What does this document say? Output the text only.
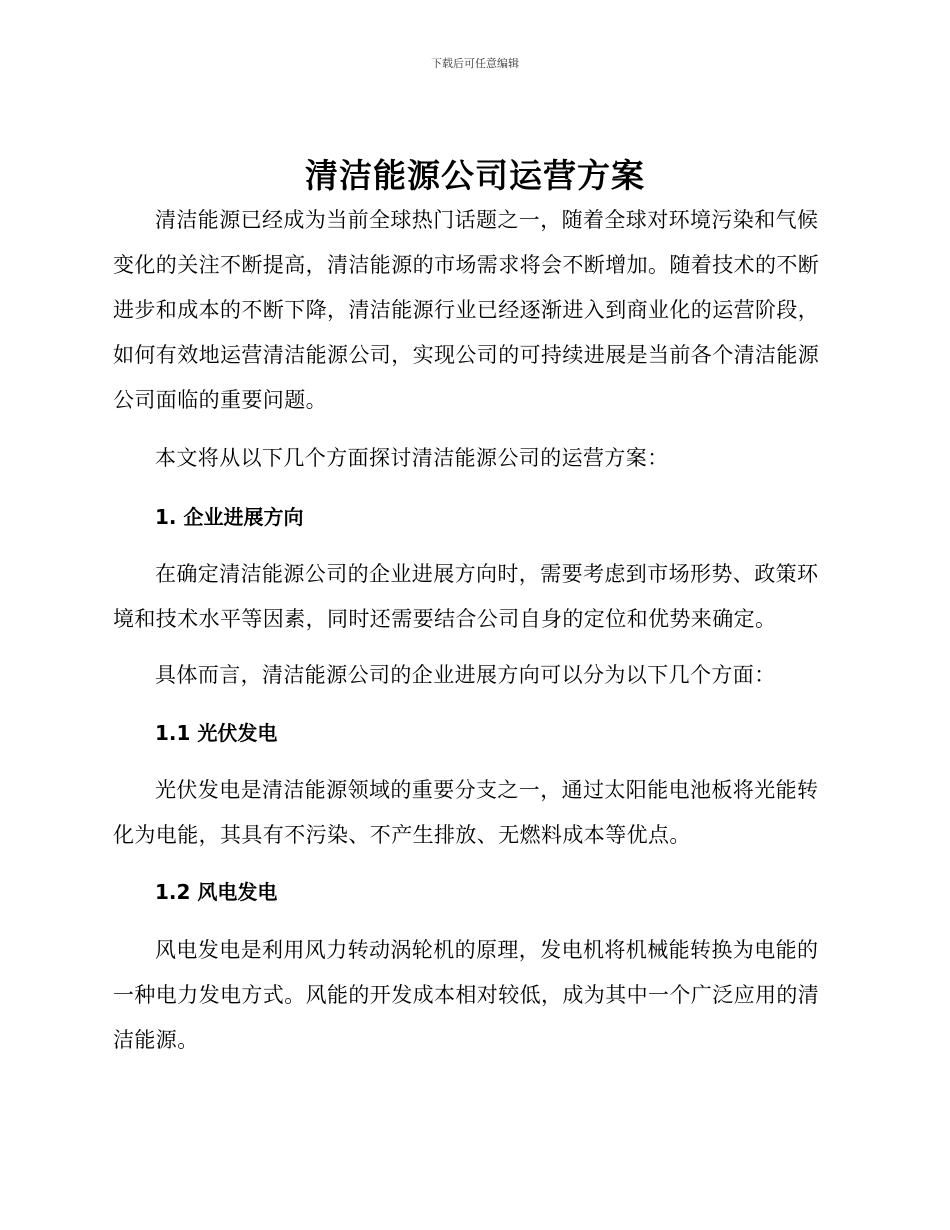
下载后可任意编辑
清洁能源公司运营方案

清洁能源已经成为当前全球热门话题之一，随着全球对环境污染和气候变化的关注不断提高，清洁能源的市场需求将会不断增加。随着技术的不断进步和成本的不断下降，清洁能源行业已经逐渐进入到商业化的运营阶段，如何有效地运营清洁能源公司，实现公司的可持续进展是当前各个清洁能源公司面临的重要问题。

本文将从以下几个方面探讨清洁能源公司的运营方案：

1. 企业进展方向

在确定清洁能源公司的企业进展方向时，需要考虑到市场形势、政策环境和技术水平等因素，同时还需要结合公司自身的定位和优势来确定。

具体而言，清洁能源公司的企业进展方向可以分为以下几个方面：

1.1 光伏发电

光伏发电是清洁能源领域的重要分支之一，通过太阳能电池板将光能转化为电能，其具有不污染、不产生排放、无燃料成本等优点。

1.2 风电发电

风电发电是利用风力转动涡轮机的原理，发电机将机械能转换为电能的一种电力发电方式。风能的开发成本相对较低，成为其中一个广泛应用的清洁能源。
